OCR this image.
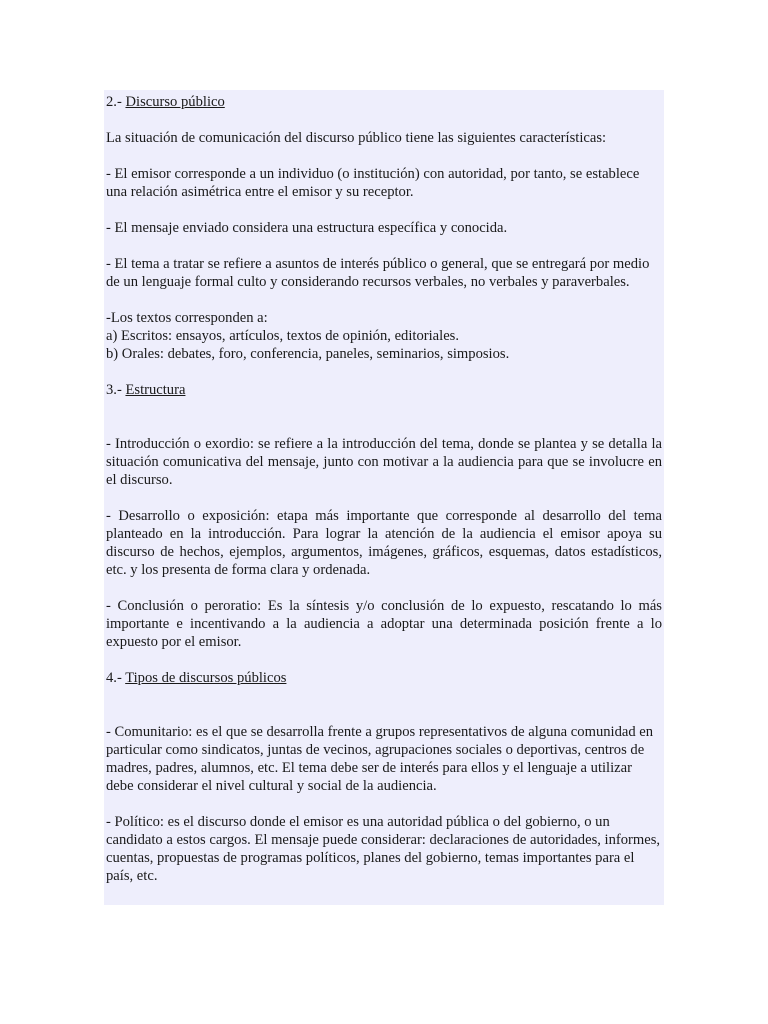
2.- Discurso público

La situación de comunicación del discurso público tiene las siguientes características:

- El emisor corresponde a un individuo (o institución) con autoridad, por tanto, se establece una relación asimétrica entre el emisor y su receptor.

- El mensaje enviado considera una estructura específica y conocida.

- El tema a tratar se refiere a asuntos de interés público o general, que se entregará por medio de un lenguaje formal culto y considerando recursos verbales, no verbales y paraverbales.

-Los textos corresponden a:
a) Escritos: ensayos, artículos, textos de opinión, editoriales.
b) Orales: debates, foro, conferencia, paneles, seminarios, simposios.

3.- Estructura

- Introducción o exordio: se refiere a la introducción del tema, donde se plantea y se detalla la situación comunicativa del mensaje, junto con motivar a la audiencia para que se involucre en el discurso.

- Desarrollo o exposición: etapa más importante que corresponde al desarrollo del tema planteado en la introducción. Para lograr la atención de la audiencia el emisor apoya su discurso de hechos, ejemplos, argumentos, imágenes, gráficos, esquemas, datos estadísticos, etc. y los presenta de forma clara y ordenada.

- Conclusión o peroratio: Es la síntesis y/o conclusión de lo expuesto, rescatando lo más importante e incentivando a la audiencia a adoptar una determinada posición frente a lo expuesto por el emisor.

4.- Tipos de discursos públicos

- Comunitario: es el que se desarrolla frente a grupos representativos de alguna comunidad en particular como sindicatos, juntas de vecinos, agrupaciones sociales o deportivas, centros de madres, padres, alumnos, etc. El tema debe ser de interés para ellos y el lenguaje a utilizar debe considerar el nivel cultural y social de la audiencia.

- Político: es el discurso donde el emisor es una autoridad pública o del gobierno, o un candidato a estos cargos. El mensaje puede considerar: declaraciones de autoridades, informes, cuentas, propuestas de programas políticos, planes del gobierno, temas importantes para el país, etc.
